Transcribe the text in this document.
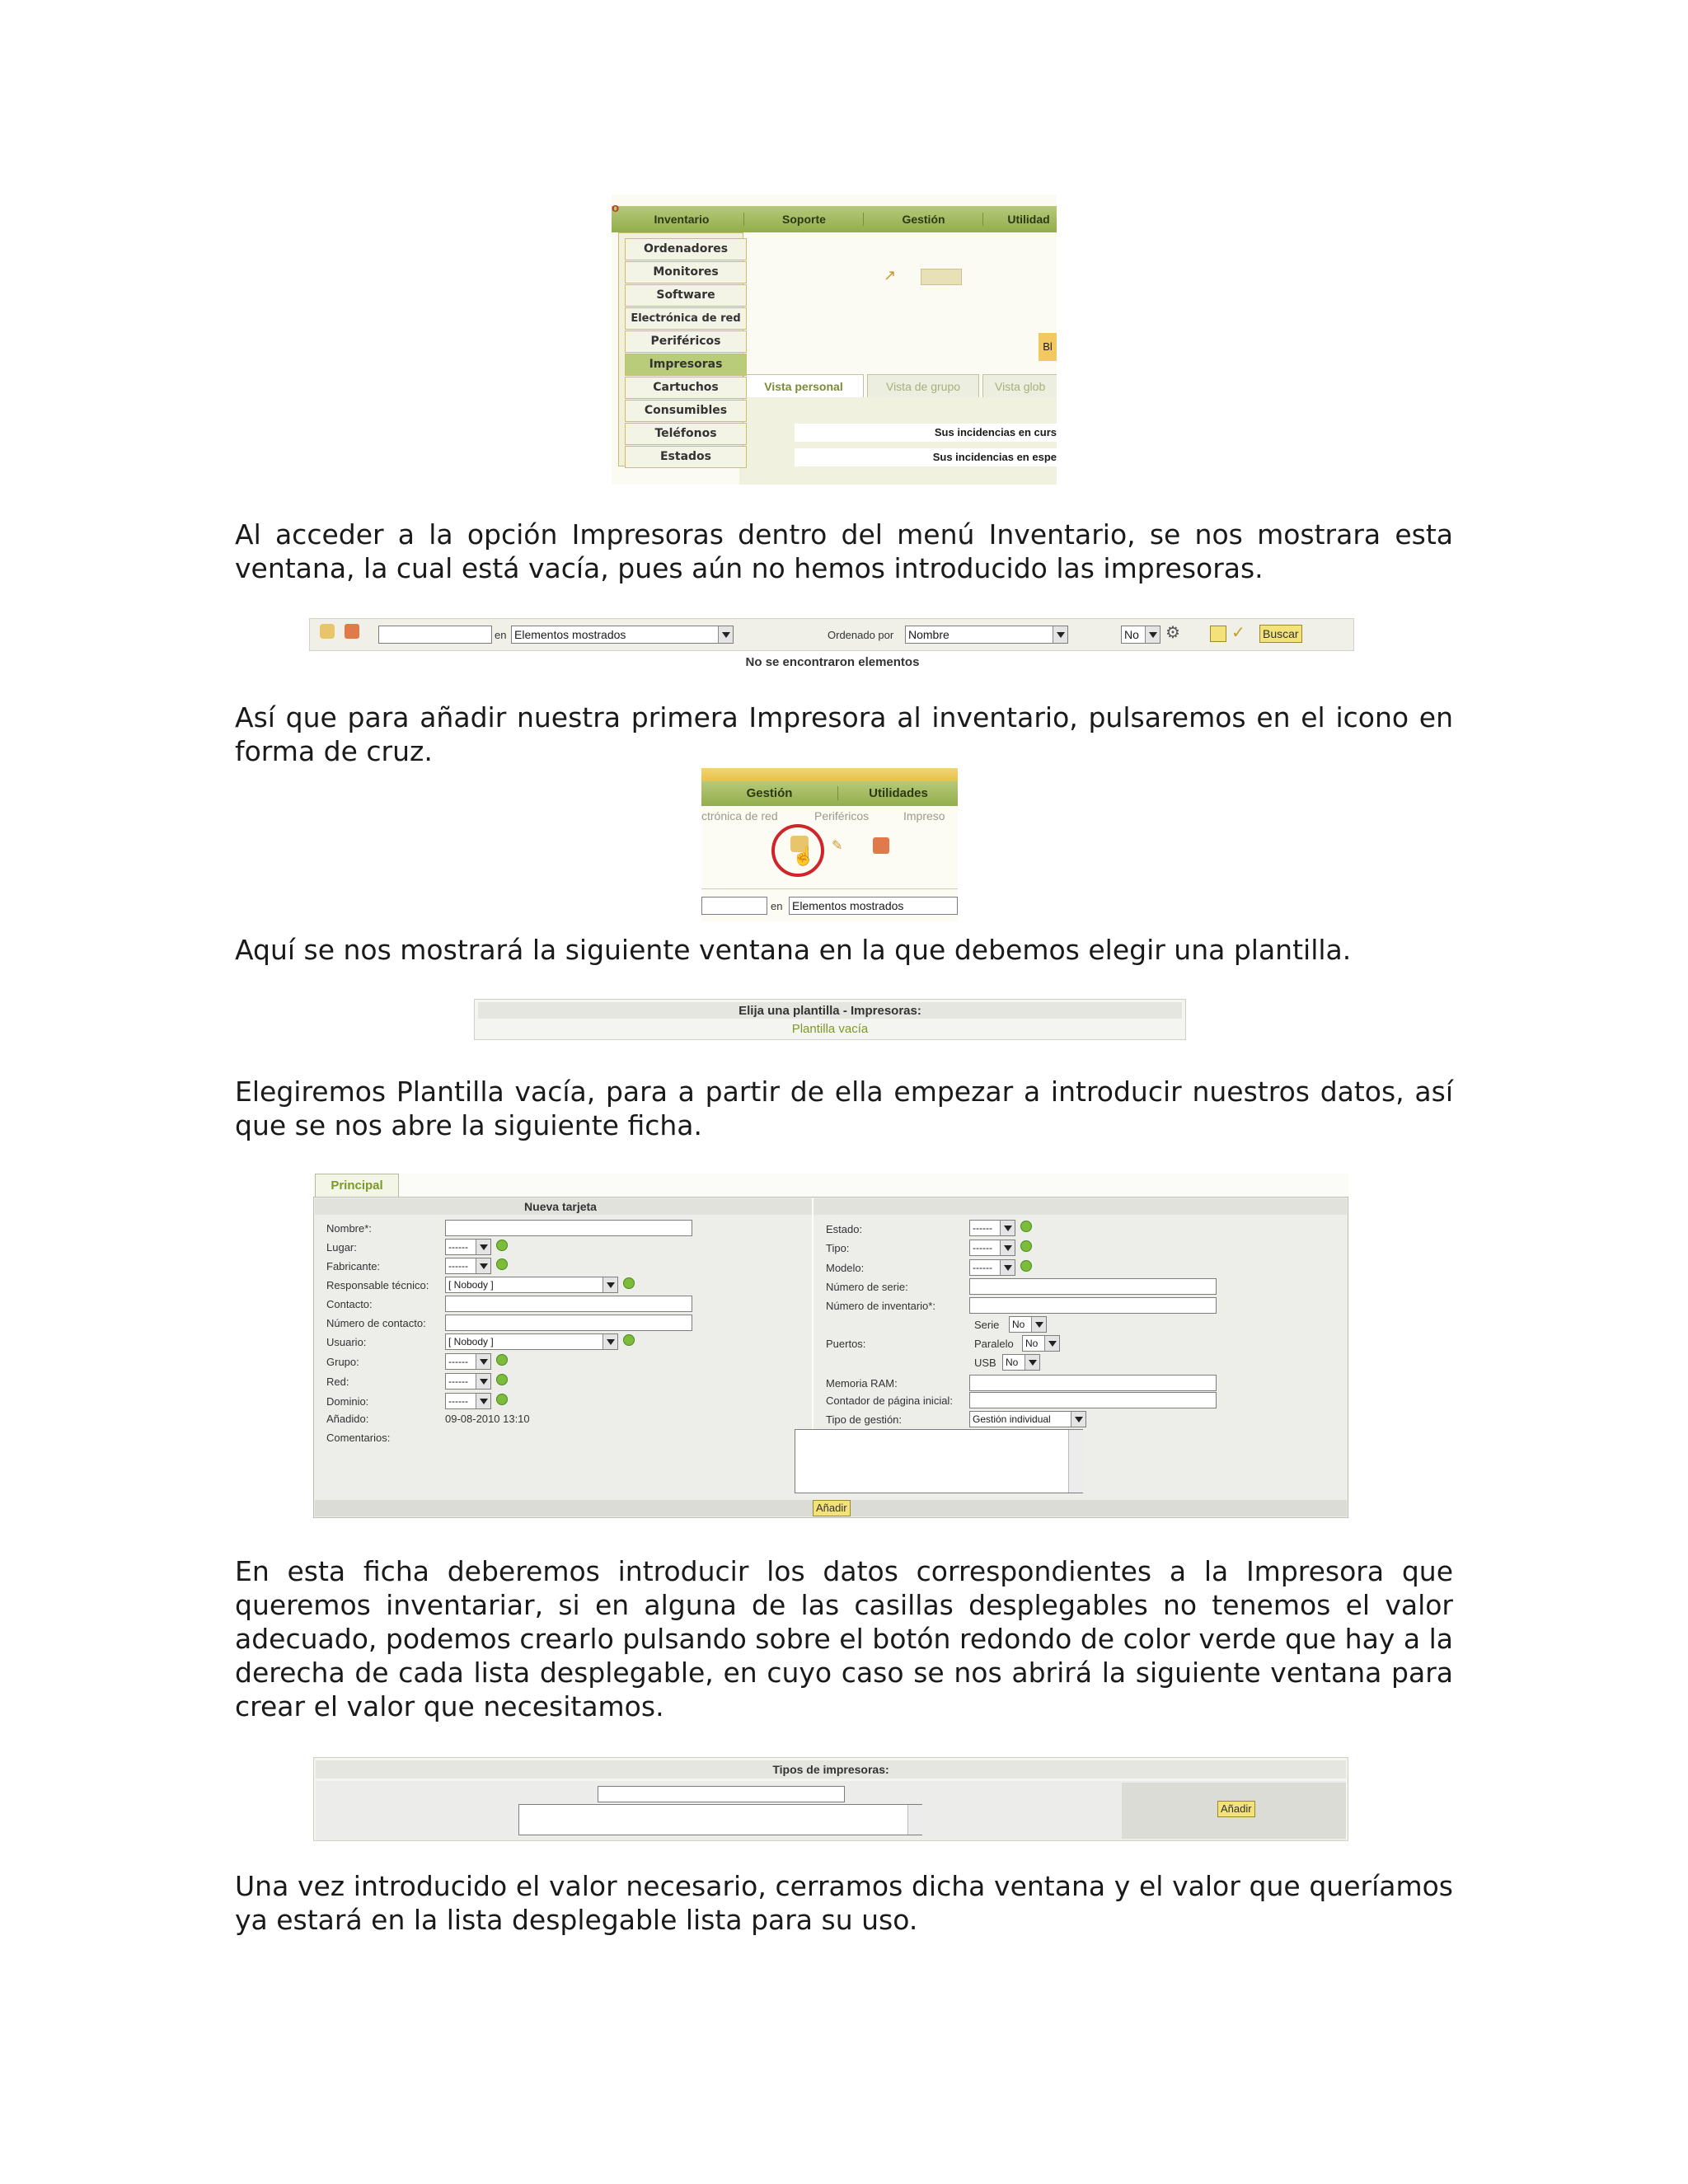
o
Inventario	Soporte	Gestión	Utilidad
↗
Bl
Vista personal	Vista de grupo	Vista glob
Sus incidencias en curs
Sus incidencias en espe
Ordenadores
Monitores
Software
Electrónica de red
Periféricos
Impresoras
Cartuchos
Consumibles
Teléfonos
Estados
Al acceder a la opción Impresoras dentro del menú Inventario, se nos mostrara esta ventana, la cual está vacía, pues aún no hemos introducido las impresoras.
en Elementos mostrados	Ordenado por Nombre	No	⚙	✓	Buscar
No se encontraron elementos
Así que para añadir nuestra primera Impresora al inventario, pulsaremos en el icono en forma de cruz.
Gestión	Utilidades
ctrónica de red	Periféricos	Impreso
☝ ✎
en Elementos mostrados
Aquí se nos mostrará la siguiente ventana en la que debemos elegir una plantilla.
Elija una plantilla - Impresoras:
Plantilla vacía
Elegiremos Plantilla vacía, para a partir de ella empezar a introducir nuestros datos, así que se nos abre la siguiente ficha.
Principal
Nueva tarjeta
Nombre*:
Lugar:	------
Fabricante:	------
Responsable técnico:	[ Nobody ]
Contacto:
Número de contacto:
Usuario:	[ Nobody ]
Grupo:	------
Red:	------
Dominio:	------
Añadido:	09-08-2010 13:10
Comentarios:
Estado:	------
Tipo:	------
Modelo:	------
Número de serie:
Número de inventario*:
Serie	No
Puertos:	Paralelo	No
USB No
Memoria RAM:
Contador de página inicial:
Tipo de gestión:	Gestión individual
Añadir
En esta ficha deberemos introducir los datos correspondientes a la Impresora que queremos inventariar, si en alguna de las casillas desplegables no tenemos el valor adecuado, podemos crearlo pulsando sobre el botón redondo de color verde que hay a la derecha de cada lista desplegable, en cuyo caso se nos abrirá la siguiente ventana para crear el valor que necesitamos.
Tipos de impresoras:
Añadir
Una vez introducido el valor necesario, cerramos dicha ventana y el valor que queríamos ya estará en la lista desplegable lista para su uso.
